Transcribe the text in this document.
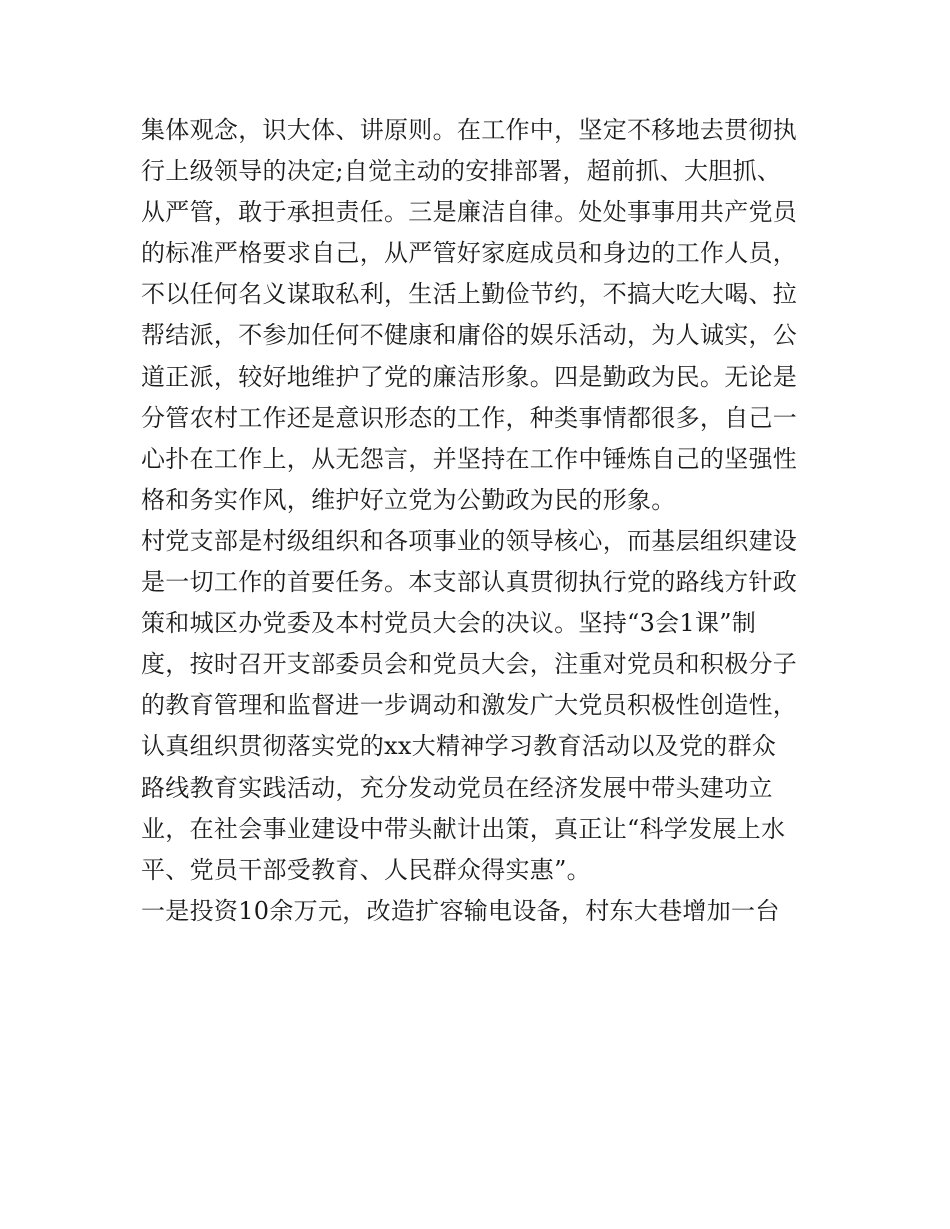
集体观念，识大体、讲原则。在工作中，坚定不移地去贯彻执
行上级领导的决定;自觉主动的安排部署，超前抓、大胆抓、
从严管，敢于承担责任。三是廉洁自律。处处事事用共产党员
的标准严格要求自己，从严管好家庭成员和身边的工作人员，
不以任何名义谋取私利，生活上勤俭节约，不搞大吃大喝、拉
帮结派，不参加任何不健康和庸俗的娱乐活动，为人诚实，公
道正派，较好地维护了党的廉洁形象。四是勤政为民。无论是
分管农村工作还是意识形态的工作，种类事情都很多，自己一
心扑在工作上，从无怨言，并坚持在工作中锤炼自己的坚强性
格和务实作风，维护好立党为公勤政为民的形象。
村党支部是村级组织和各项事业的领导核心，而基层组织建设
是一切工作的首要任务。本支部认真贯彻执行党的路线方针政
策和城区办党委及本村党员大会的决议。坚持“3会1课”制
度，按时召开支部委员会和党员大会，注重对党员和积极分子
的教育管理和监督进一步调动和激发广大党员积极性创造性，
认真组织贯彻落实党的xx大精神学习教育活动以及党的群众
路线教育实践活动，充分发动党员在经济发展中带头建功立
业，在社会事业建设中带头献计出策，真正让“科学发展上水
平、党员干部受教育、人民群众得实惠”。
一是投资10余万元，改造扩容输电设备，村东大巷增加一台
